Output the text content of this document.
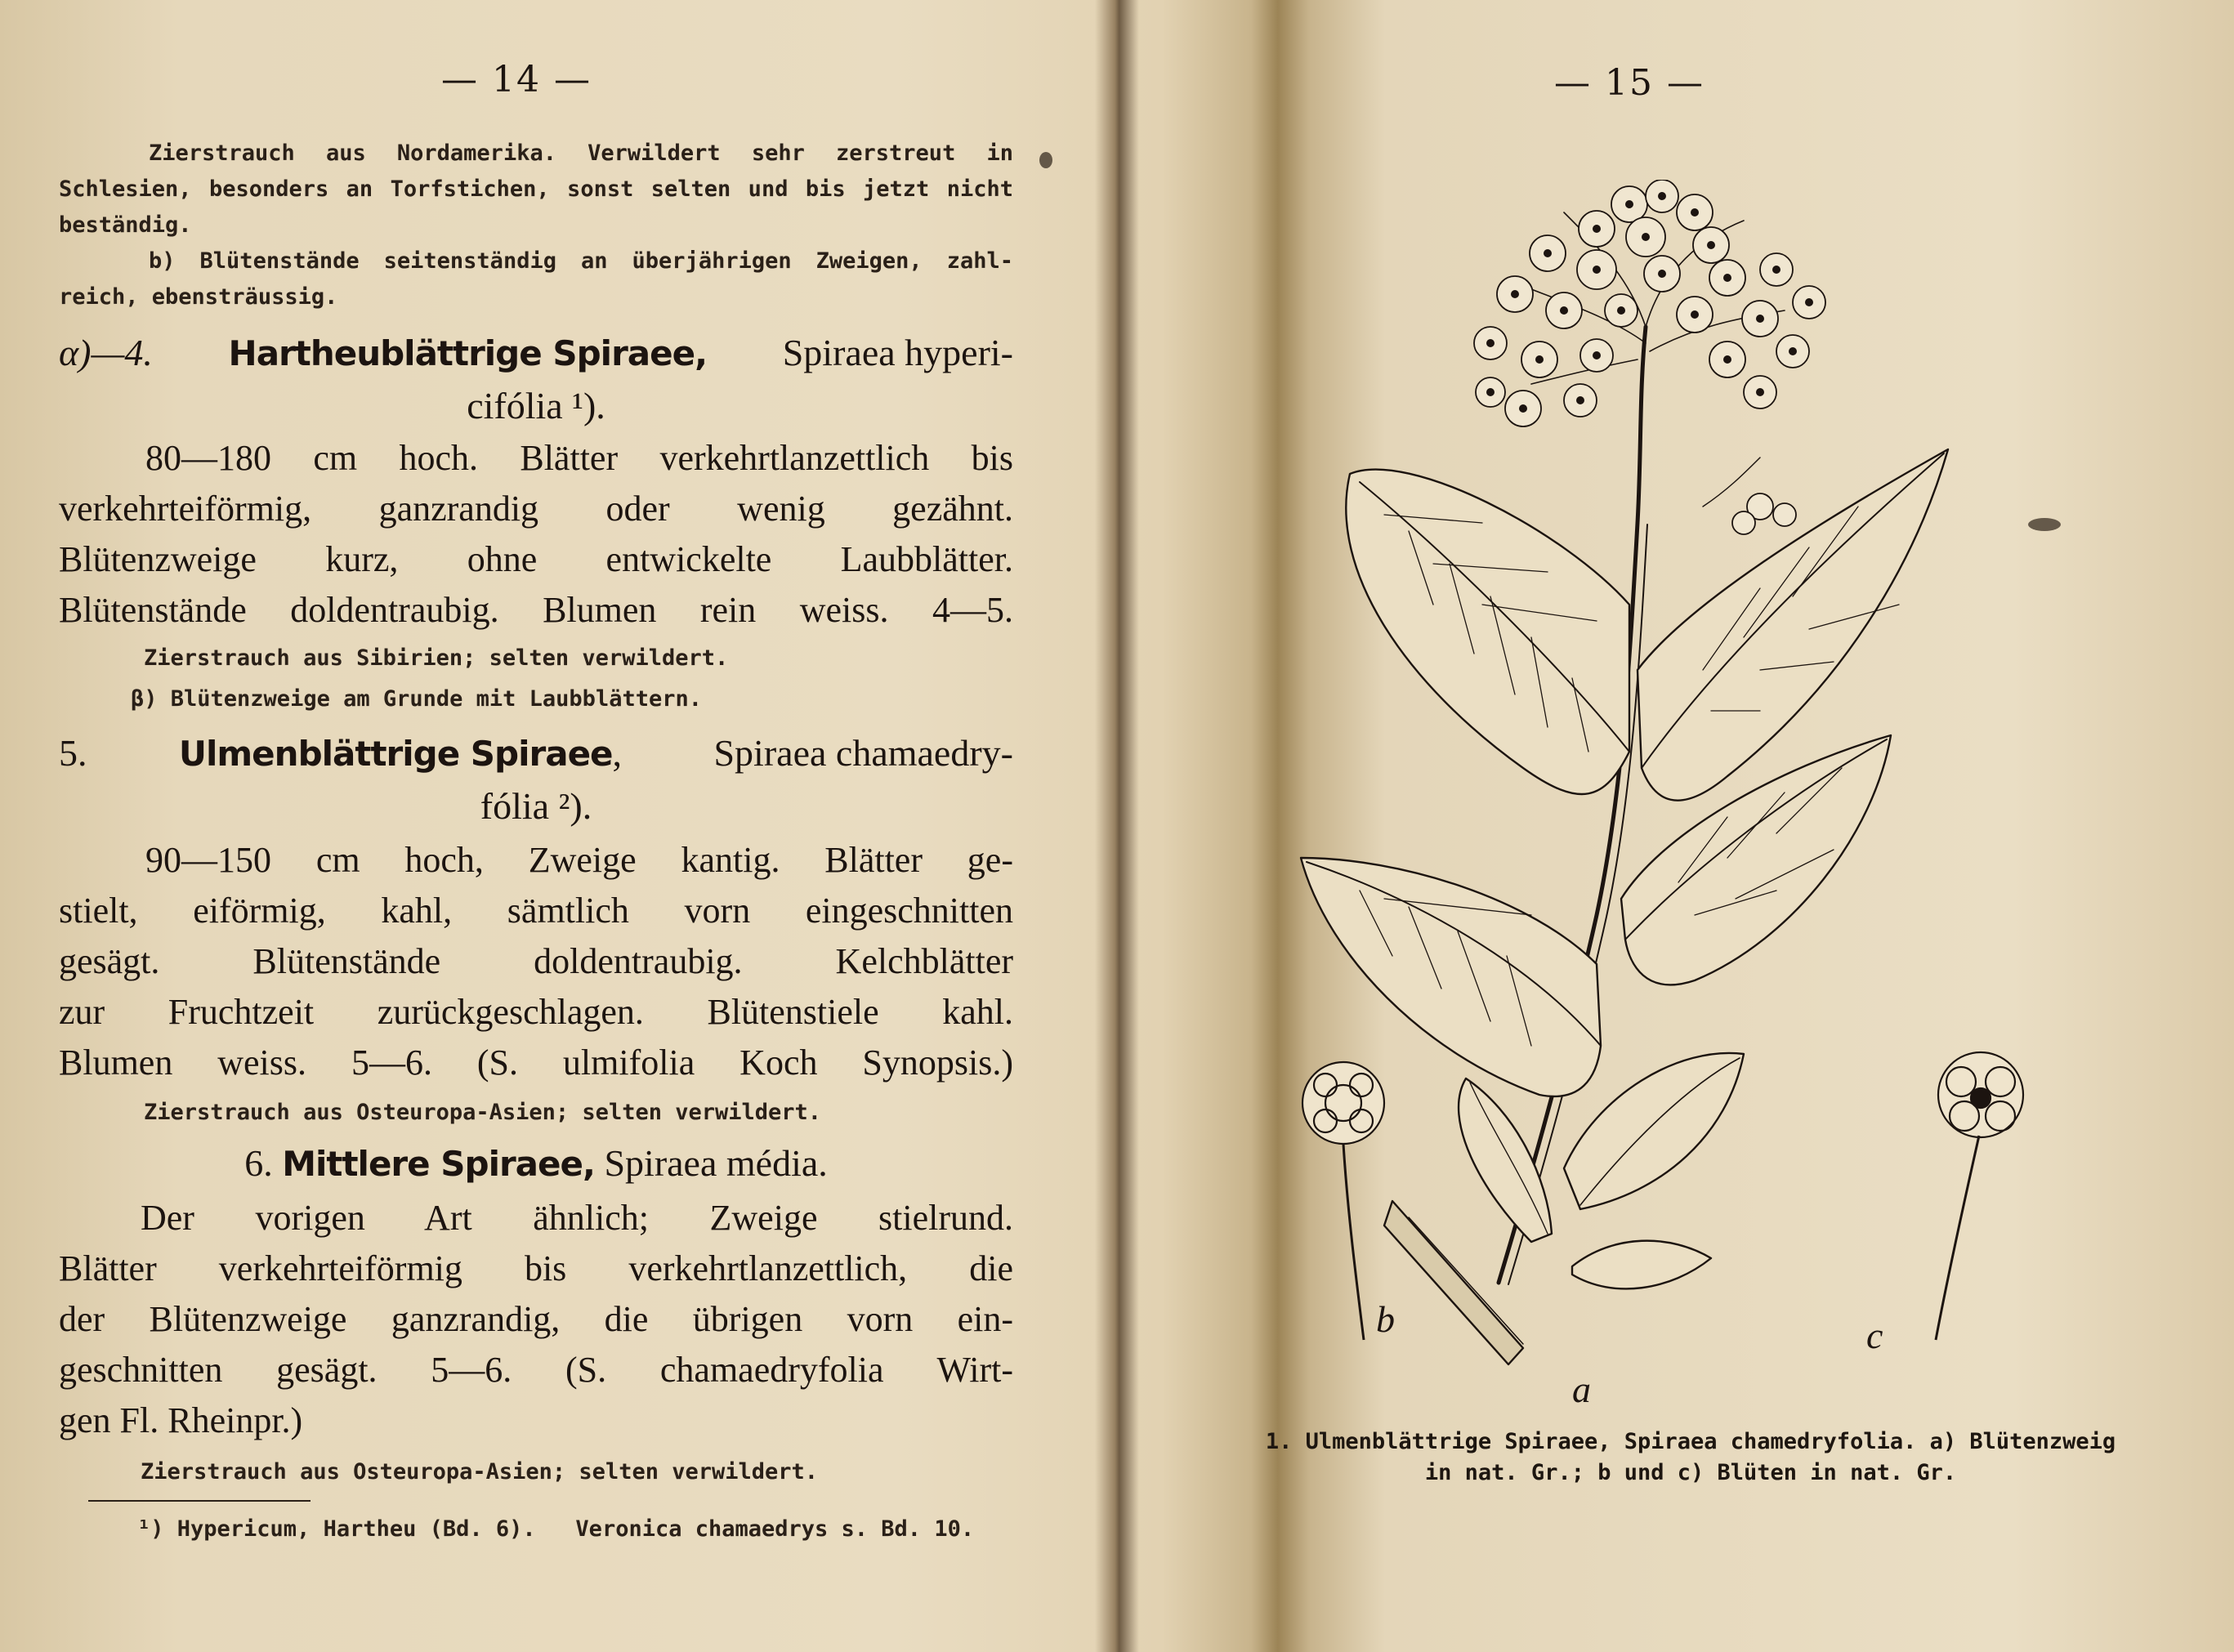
— 14 —
Zierstrauch aus Nordamerika. Verwildert sehr zerstreut in
Schlesien, besonders an Torfstichen, sonst selten und bis jetzt nicht
beständig.
b) Blütenstände seitenständig an überjährigen Zweigen, zahl-
reich, ebensträussig.
α)—4. Hartheublättrige Spiraee, Spiraea hyperi-
cifólia ¹).
80—180 cm hoch. Blätter verkehrtlanzettlich bis
verkehrteiförmig, ganzrandig oder wenig gezähnt.
Blütenzweige kurz, ohne entwickelte Laubblätter.
Blütenstände doldentraubig. Blumen rein weiss. 4—5.
Zierstrauch aus Sibirien; selten verwildert.
β) Blütenzweige am Grunde mit Laubblättern.
5.	Ulmenblättrige Spiraee, Spiraea chamaedry-
fólia ²).
90—150 cm hoch, Zweige kantig. Blätter ge-
stielt, eiförmig, kahl, sämtlich vorn eingeschnitten
gesägt. Blütenstände doldentraubig. Kelchblätter
zur Fruchtzeit zurückgeschlagen. Blütenstiele kahl.
Blumen weiss. 5—6. (S. ulmifolia Koch Synopsis.)
Zierstrauch aus Osteuropa-Asien; selten verwildert.
6. Mittlere Spiraee, Spiraea média.
Der vorigen Art ähnlich; Zweige stielrund.
Blätter verkehrteiförmig bis verkehrtlanzettlich, die
der Blütenzweige ganzrandig, die übrigen vorn ein-
geschnitten gesägt. 5—6. (S. chamaedryfolia Wirt-
gen Fl. Rheinpr.)
Zierstrauch aus Osteuropa-Asien; selten verwildert.
¹) Hypericum, Hartheu (Bd. 6).   Veronica chamaedrys s. Bd. 10.
— 15 —
b	c
a
1. Ulmenblättrige Spiraee, Spiraea chamedryfolia. a) Blütenzweig
in nat. Gr.; b und c) Blüten in nat. Gr.
